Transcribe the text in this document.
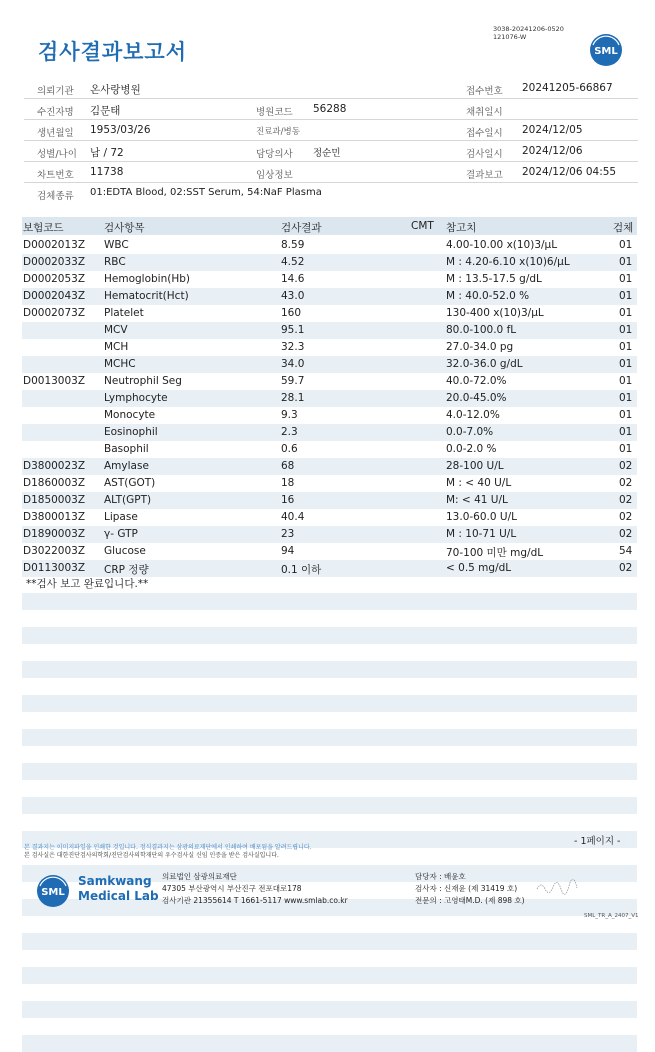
검사결과보고서
3038-20241206-0520
121076-W
SML
의뢰기관 온사랑병원	접수번호 20241205-66867
수진자명 김문태	병원코드 56288	채취일시
생년월일 1953/03/26	진료과/병동	접수일시 2024/12/05
성별/나이 남 / 72	담당의사 정순민	검사일시 2024/12/06
차트번호 11738	임상정보	결과보고 2024/12/06 04:55
검체종류 01:EDTA Blood, 02:SST Serum, 54:NaF Plasma
보험코드	검사항목	검사결과	CMT 참고치	검체
D0002013Z WBC	8.59	4.00-10.00 x(10)3/μL	01
D0002033Z RBC	4.52	M : 4.20-6.10 x(10)6/μL	01
D0002053Z Hemoglobin(Hb)	14.6	M : 13.5-17.5 g/dL	01
D0002043Z Hematocrit(Hct)	43.0	M : 40.0-52.0 %	01
D0002073Z Platelet	160	130-400 x(10)3/μL	01
MCV	95.1	80.0-100.0 fL	01
MCH	32.3	27.0-34.0 pg	01
MCHC	34.0	32.0-36.0 g/dL	01
D0013003Z Neutrophil Seg	59.7	40.0-72.0%	01
Lymphocyte	28.1	20.0-45.0%	01
Monocyte	9.3	4.0-12.0%	01
Eosinophil	2.3	0.0-7.0%	01
Basophil	0.6	0.0-2.0 %	01
D3800023Z Amylase	68	28-100 U/L	02
D1860003Z AST(GOT)	18	M : < 40 U/L	02
D1850003Z ALT(GPT)	16	M: < 41 U/L	02
D3800013Z Lipase	40.4	13.0-60.0 U/L	02
D1890003Z γ- GTP	23	M : 10-71 U/L	02
D3022003Z Glucose	94	70-100 미만 mg/dL	54
D0113003Z CRP 정량	0.1 이하	< 0.5 mg/dL	02
**검사 보고 완료입니다.**
- 1페이지 -
본 결과지는 이미지파일을 인쇄한 것입니다. 정식결과지는 삼광의료재단에서 인쇄하여 배포됨을 알려드립니다.
본 검사실은 대한진단검사의학회/진단검사의학재단의 우수검사실 신임 인증을 받은 검사실입니다.
SML
Samkwang
Medical Lab
의료법인 삼광의료재단
47305 부산광역시 부산진구 전포대로178
검사기관 21355614 T 1661-5117 www.smlab.co.kr
담당자 : 배윤호
검사자 : 신재윤 (제 31419 호)
전문의 : 고영태M.D. (제 898 호)
SML_TR_A_2407_V1
